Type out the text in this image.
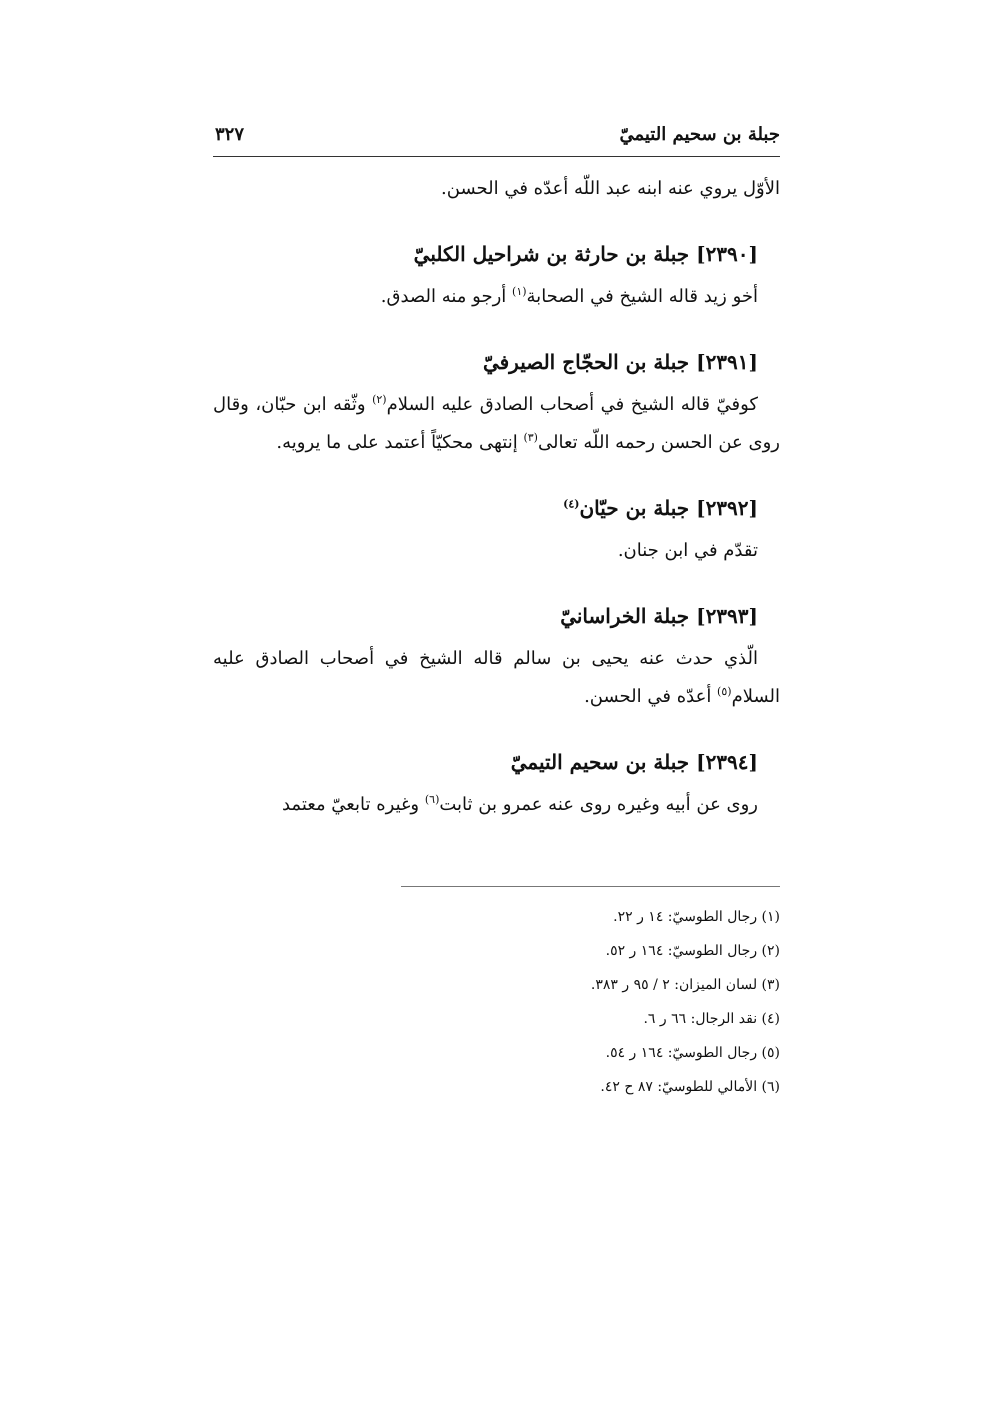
جبلة بن سحيم التيميّ
٣٢٧

الأوّل يروي عنه ابنه عبد اللّه أعدّه في الحسن.

[٢٣٩٠] جبلة بن حارثة بن شراحيل الكلبيّ

أخو زيد قاله الشيخ في الصحابة$^{(١)}$ أرجو منه الصدق.

[٢٣٩١] جبلة بن الحجّاج الصيرفيّ

كوفيّ قاله الشيخ في أصحاب الصادق عليه السلام$^{(٢)}$ وثّقه ابن حبّان، وقال روى عن الحسن رحمه اللّه تعالى$^{(٣)}$ إنتهى محكيّاً أعتمد على ما يرويه.

[٢٣٩٢] جبلة بن حيّان$^{(٤)}$

تقدّم في ابن جنان.

[٢٣٩٣] جبلة الخراسانيّ

الّذي حدث عنه يحيى بن سالم قاله الشيخ في أصحاب الصادق عليه السلام$^{(٥)}$ أعدّه في الحسن.

[٢٣٩٤] جبلة بن سحيم التيميّ

روى عن أبيه وغيره روى عنه عمرو بن ثابت$^{(٦)}$ وغيره تابعيّ معتمد

(١) رجال الطوسيّ: ١٤ ر ٢٢.
(٢) رجال الطوسيّ: ١٦٤ ر ٥٢.
(٣) لسان الميزان: ٢ / ٩٥ ر ٣٨٣.
(٤) نقد الرجال: ٦٦ ر ٦.
(٥) رجال الطوسيّ: ١٦٤ ر ٥٤.
(٦) الأمالي للطوسيّ: ٨٧ ح ٤٢.
